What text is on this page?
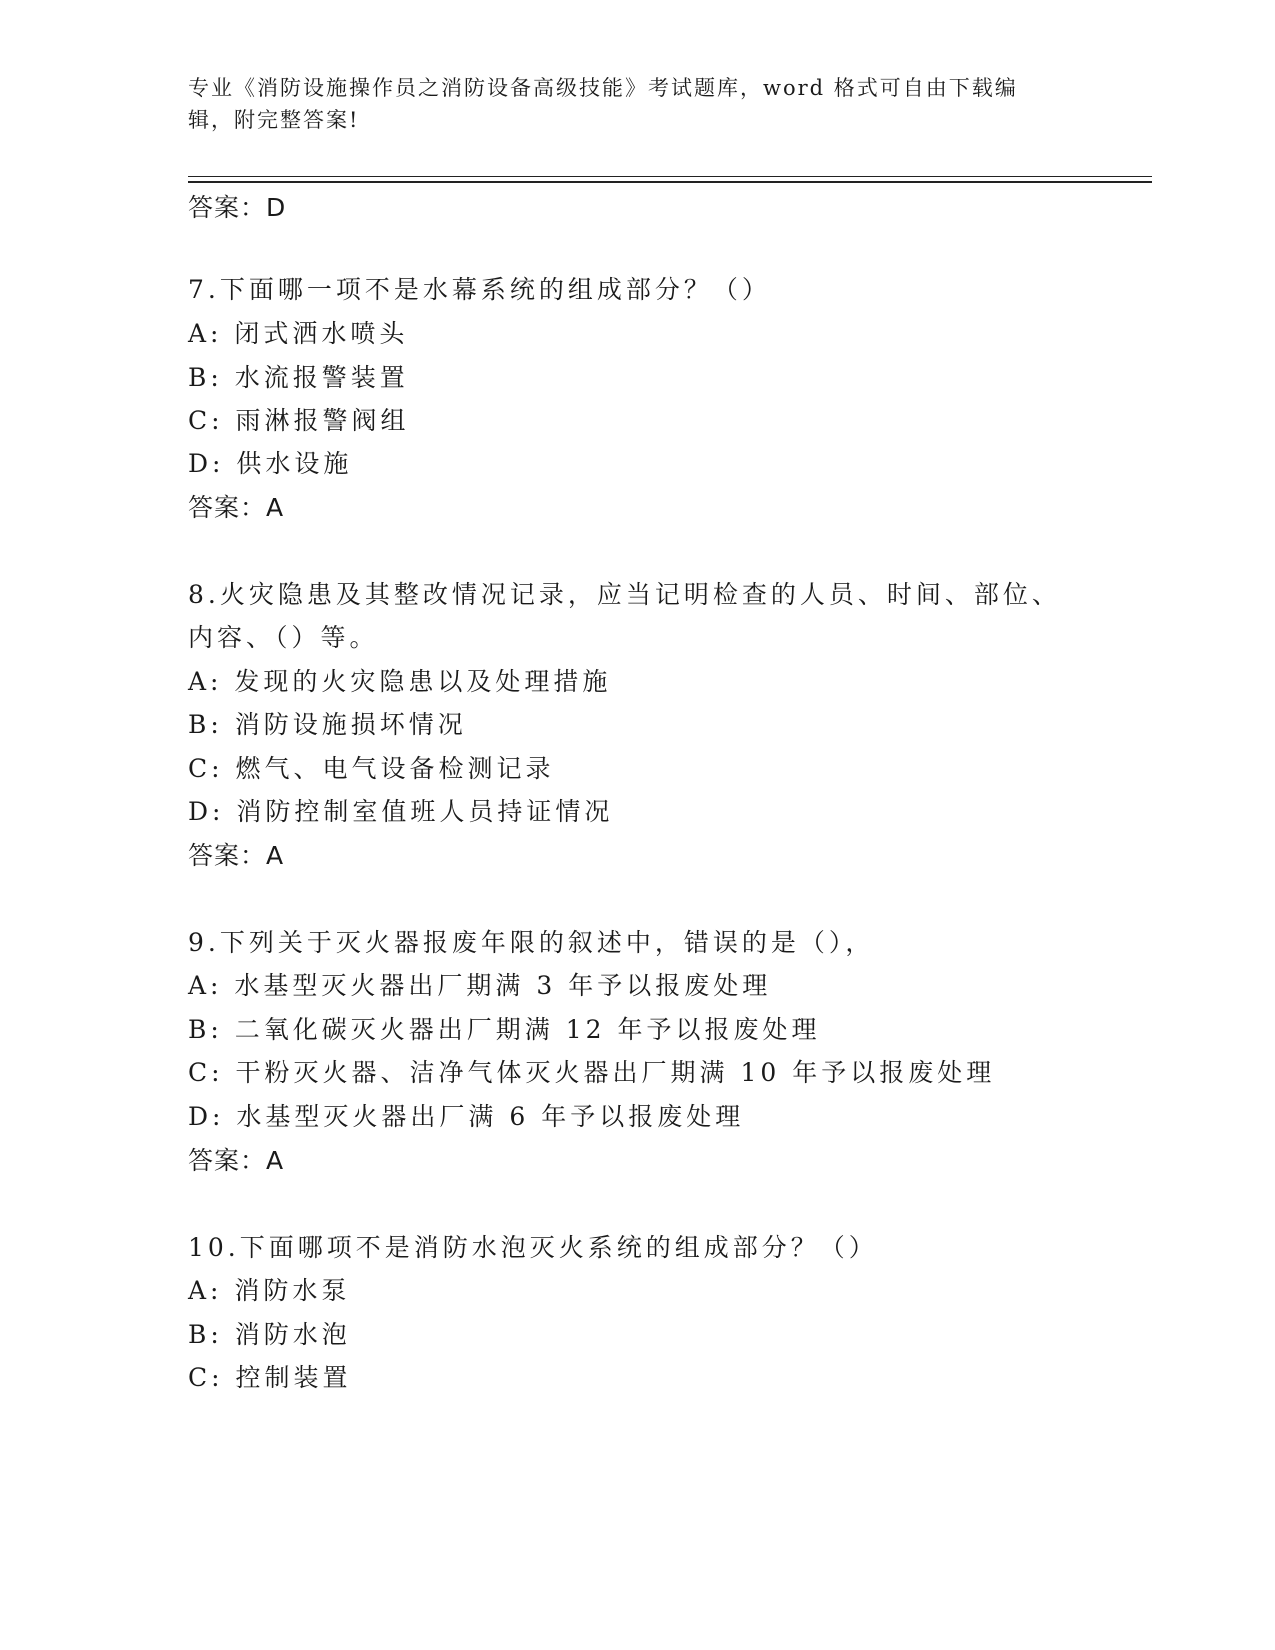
专业《消防设施操作员之消防设备高级技能》考试题库，word 格式可自由下载编
辑，附完整答案!
答案：D
7.下面哪一项不是水幕系统的组成部分？（）
A: 闭式洒水喷头
B: 水流报警装置
C: 雨淋报警阀组
D: 供水设施
答案：A
8.火灾隐患及其整改情况记录，应当记明检查的人员、时间、部位、
内容、（）等。
A: 发现的火灾隐患以及处理措施
B: 消防设施损坏情况
C: 燃气、电气设备检测记录
D: 消防控制室值班人员持证情况
答案：A
9.下列关于灭火器报废年限的叙述中，错误的是（），
A: 水基型灭火器出厂期满 3 年予以报废处理
B: 二氧化碳灭火器出厂期满 12 年予以报废处理
C: 干粉灭火器、洁净气体灭火器出厂期满 10 年予以报废处理
D: 水基型灭火器出厂满 6 年予以报废处理
答案：A
10.下面哪项不是消防水泡灭火系统的组成部分？（）
A: 消防水泵
B: 消防水泡
C: 控制装置
